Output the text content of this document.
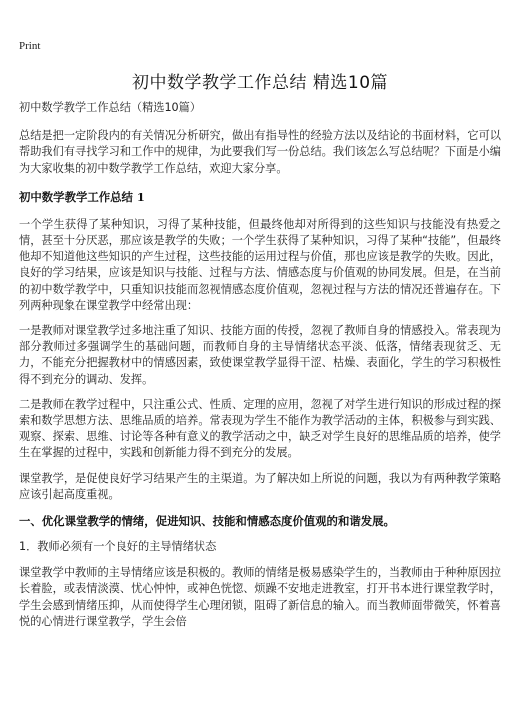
Print
初中数学教学工作总结 精选10篇

初中数学教学工作总结（精选10篇）

总结是把一定阶段内的有关情况分析研究，做出有指导性的经验方法以及结论的书面材料，它可以帮助我们有寻找学习和工作中的规律，为此要我们写一份总结。我们该怎么写总结呢？下面是小编为大家收集的初中数学教学工作总结，欢迎大家分享。

初中数学教学工作总结 1

一个学生获得了某种知识，习得了某种技能，但最终他却对所得到的这些知识与技能没有热爱之情，甚至十分厌恶，那应该是教学的失败；一个学生获得了某种知识，习得了某种“技能”，但最终他却不知道他这些知识的产生过程，这些技能的运用过程与价值，那也应该是教学的失败。因此，良好的学习结果，应该是知识与技能、过程与方法、情感态度与价值观的协同发展。但是，在当前的初中数学教学中，只重知识技能而忽视情感态度价值观，忽视过程与方法的情况还普遍存在。下列两种现象在课堂教学中经常出现：

一是教师对课堂教学过多地注重了知识、技能方面的传授，忽视了教师自身的情感投入。常表现为部分教师过多强调学生的基础问题，而教师自身的主导情绪状态平淡、低落，情绪表现贫乏、无力，不能充分把握教材中的情感因素，致使课堂教学显得干涩、枯燥、表面化，学生的学习积极性得不到充分的调动、发挥。

二是教师在教学过程中，只注重公式、性质、定理的应用，忽视了对学生进行知识的形成过程的探索和数学思想方法、思维品质的培养。常表现为学生不能作为教学活动的主体，积极参与到实践、观察、探索、思维、讨论等各种有意义的教学活动之中，缺乏对学生良好的思维品质的培养，使学生在掌握的过程中，实践和创新能力得不到充分的发展。

课堂教学，是促使良好学习结果产生的主渠道。为了解决如上所说的问题，我以为有两种教学策略应该引起高度重视。

一、优化课堂教学的情绪，促进知识、技能和情感态度价值观的和谐发展。

1．教师必须有一个良好的主导情绪状态

课堂教学中教师的主导情绪应该是积极的。教师的情绪是极易感染学生的，当教师由于种种原因拉长着脸，或表情淡漠、忧心忡忡，或神色恍惚、烦躁不安地走进教室，打开书本进行课堂教学时，学生会感到情绪压抑，从而使得学生心理闭锁，阻碍了新信息的输入。而当教师面带微笑，怀着喜悦的心情进行课堂教学，学生会倍
